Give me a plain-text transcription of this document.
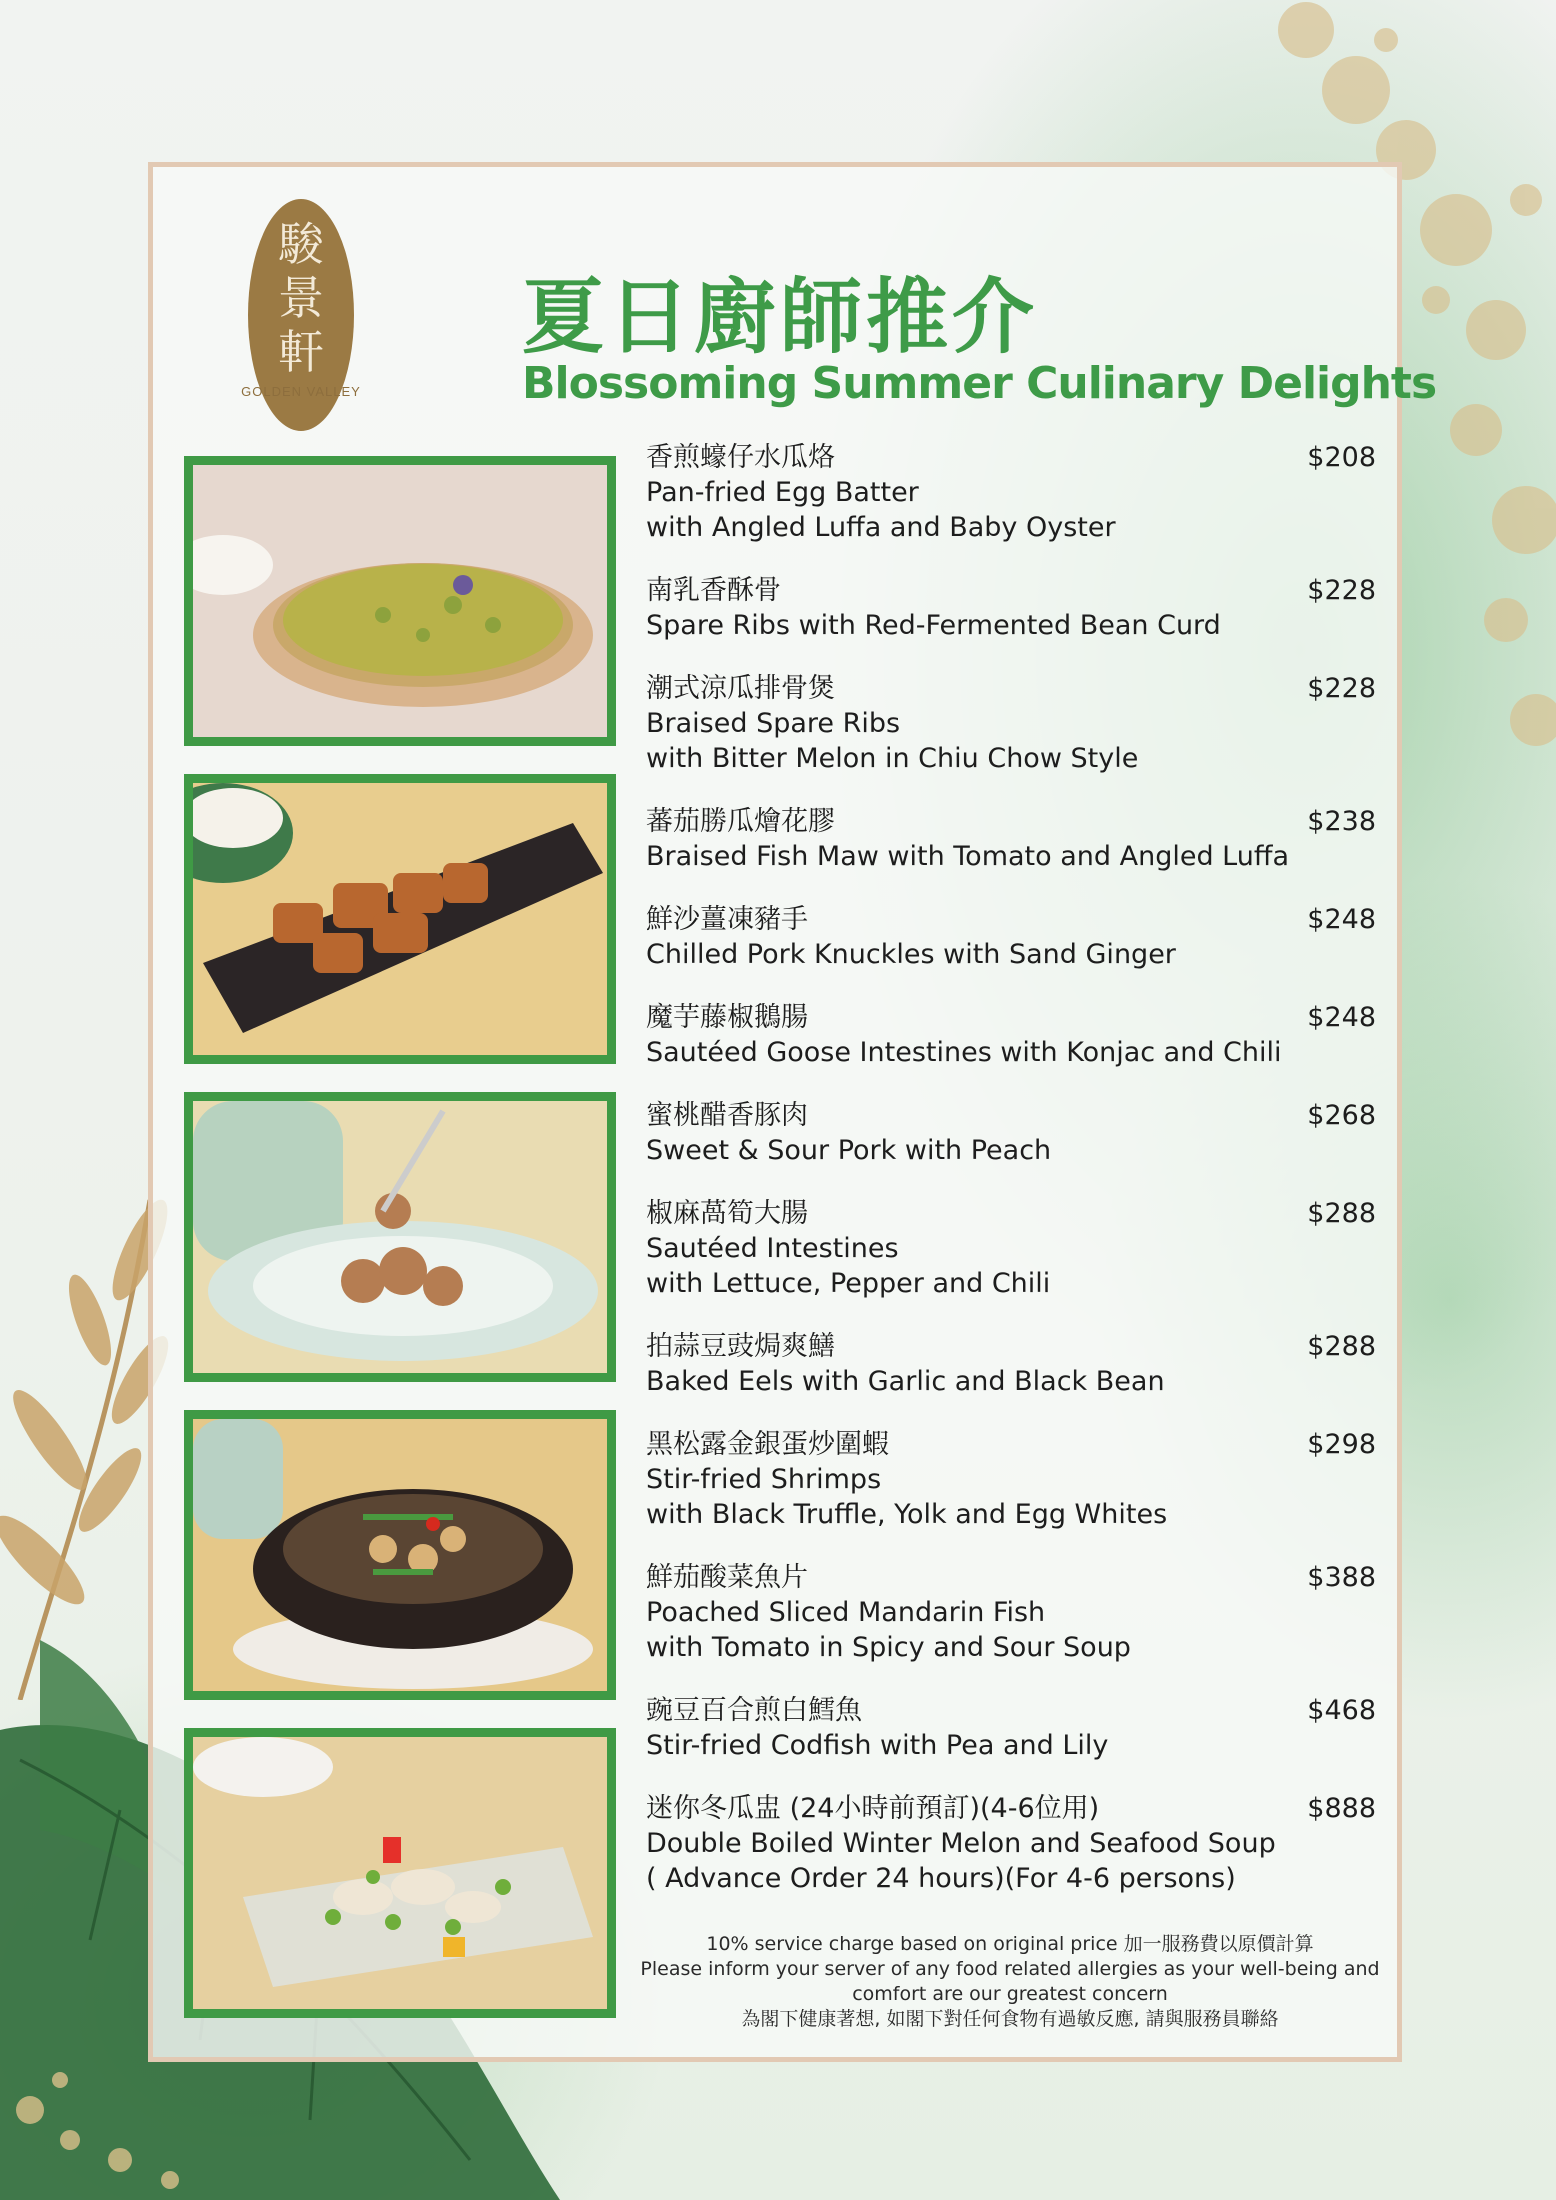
駿
景
軒
GOLDEN VALLEY
夏日廚師推介
Blossoming Summer Culinary Delights
香煎蠔仔水瓜烙
Pan-fried Egg Batter
with Angled Luffa and Baby Oyster
$208
南乳香酥骨
Spare Ribs with Red-Fermented Bean Curd
$228
潮式涼瓜排骨煲
Braised Spare Ribs
with Bitter Melon in Chiu Chow Style
$228
蕃茄勝瓜燴花膠
Braised Fish Maw with Tomato and Angled Luffa
$238
鮮沙薑凍豬手
Chilled Pork Knuckles with Sand Ginger
$248
魔芋藤椒鵝腸
Sautéed Goose Intestines with Konjac and Chili
$248
蜜桃醋香豚肉
Sweet & Sour Pork with Peach
$268
椒麻萵筍大腸
Sautéed Intestines
with Lettuce, Pepper and Chili
$288
拍蒜豆豉焗爽鱔
Baked Eels with Garlic and Black Bean
$288
黑松露金銀蛋炒圍蝦
Stir-fried Shrimps
with Black Truffle, Yolk and Egg Whites
$298
鮮茄酸菜魚片
Poached Sliced Mandarin Fish
with Tomato in Spicy and Sour Soup
$388
豌豆百合煎白鱈魚
Stir-fried Codfish with Pea and Lily
$468
迷你冬瓜盅 (24小時前預訂)(4-6位用)
Double Boiled Winter Melon and Seafood Soup
( Advance Order 24 hours)(For 4-6 persons)
$888
10% service charge based on original price 加一服務費以原價計算
Please inform your server of any food related allergies as your well-being and
comfort are our greatest concern
為閣下健康著想, 如閣下對任何食物有過敏反應, 請與服務員聯絡
